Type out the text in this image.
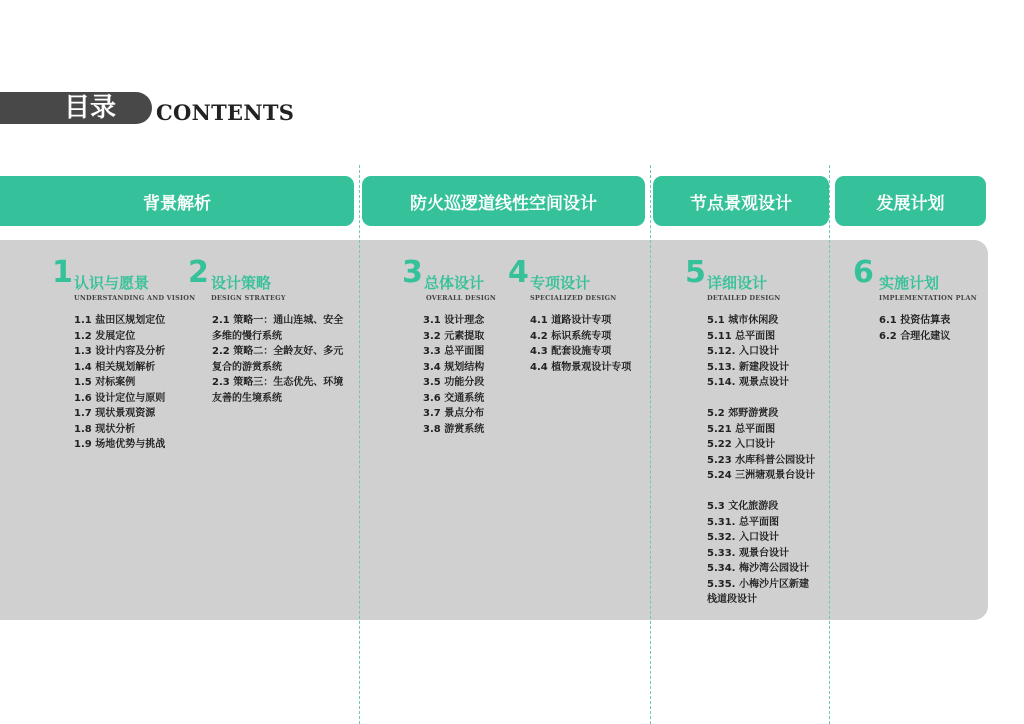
目录 CONTENTS
背景解析	防火巡逻道线性空间设计	节点景观设计	发展计划
1 认识与愿景
UNDERSTANDING AND VISION
1.1 盐田区规划定位
1.2 发展定位
1.3 设计内容及分析
1.4 相关规划解析
1.5 对标案例
1.6 设计定位与原则
1.7 现状景观资源
1.8 现状分析
1.9 场地优势与挑战
2 设计策略
DESIGN STRATEGY
2.1 策略一：通山连城、安全
多维的慢行系统
2.2 策略二：全龄友好、多元
复合的游赏系统
2.3 策略三：生态优先、环境
友善的生境系统
3 总体设计
OVERALL DESIGN
3.1 设计理念
3.2 元素提取
3.3 总平面图
3.4 规划结构
3.5 功能分段
3.6 交通系统
3.7 景点分布
3.8 游赏系统
4 专项设计
SPECIALIZED DESIGN
4.1 道路设计专项
4.2 标识系统专项
4.3 配套设施专项
4.4 植物景观设计专项
5 详细设计
DETAILED DESIGN
5.1 城市休闲段
5.11 总平面图
5.12. 入口设计
5.13. 新建段设计
5.14. 观景点设计
5.2 郊野游赏段
5.21 总平面图
5.22 入口设计
5.23 水库科普公园设计
5.24 三洲塘观景台设计
5.3 文化旅游段
5.31. 总平面图
5.32. 入口设计
5.33. 观景台设计
5.34. 梅沙湾公园设计
5.35. 小梅沙片区新建
栈道段设计
6 实施计划
IMPLEMENTATION PLAN
6.1 投资估算表
6.2 合理化建议
